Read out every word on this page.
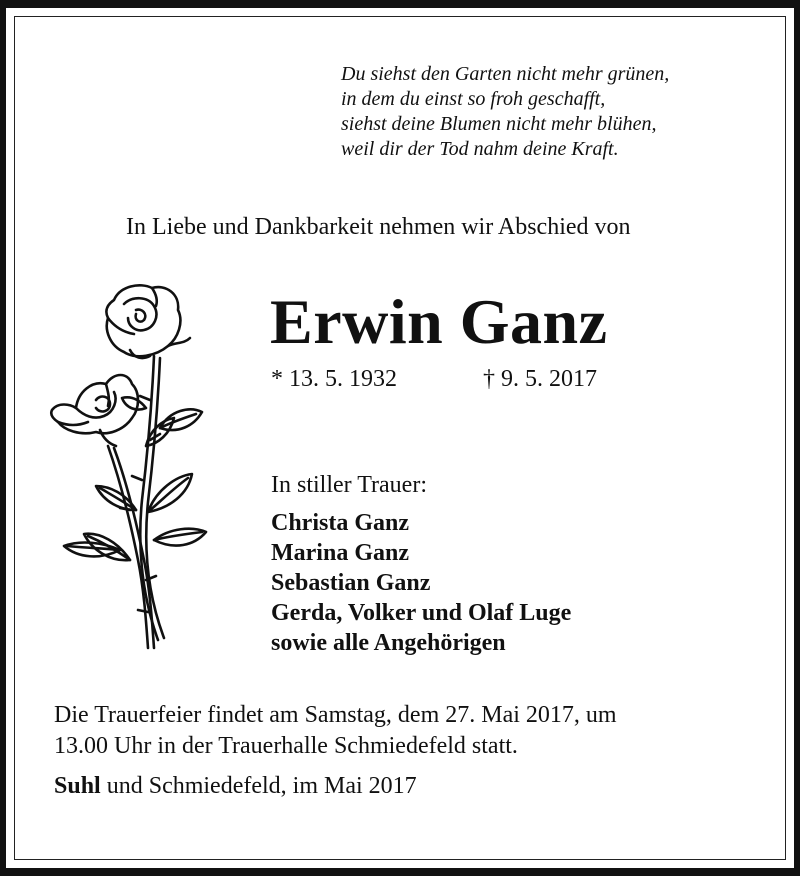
Du siehst den Garten nicht mehr grünen,
in dem du einst so froh geschafft,
siehst deine Blumen nicht mehr blühen,
weil dir der Tod nahm deine Kraft.
In Liebe und Dankbarkeit nehmen wir Abschied von
Erwin Ganz
* 13. 5. 1932	† 9. 5. 2017
In stiller Trauer:
Christa Ganz
Marina Ganz
Sebastian Ganz
Gerda, Volker und Olaf Luge
sowie alle Angehörigen
Die Trauerfeier findet am Samstag, dem 27. Mai 2017, um
13.00 Uhr in der Trauerhalle Schmiedefeld statt.
Suhl und Schmiedefeld, im Mai 2017
